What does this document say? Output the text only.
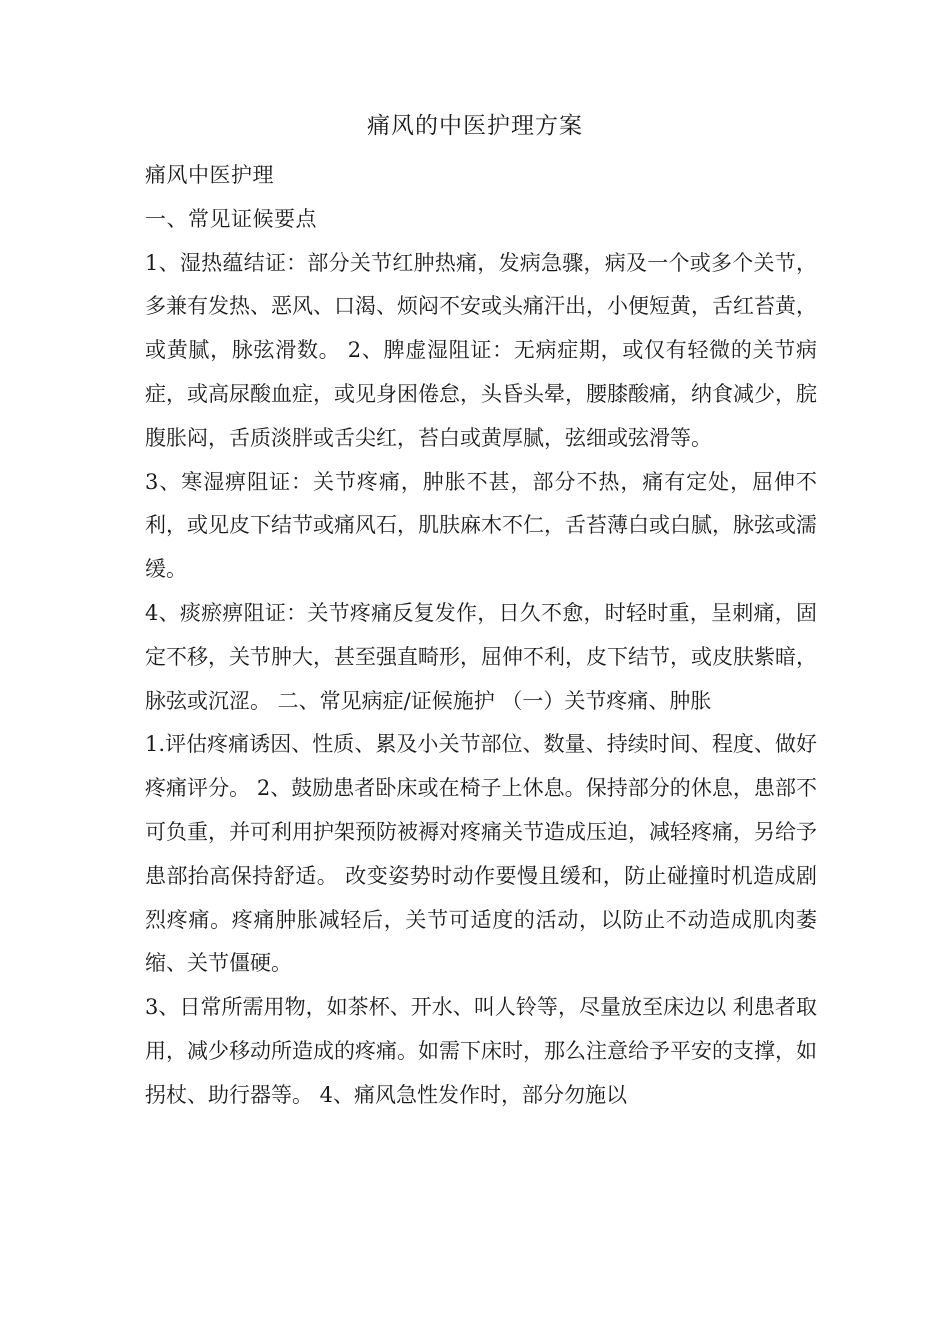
痛风的中医护理方案

痛风中医护理

一、常见证候要点

1、湿热蕴结证：部分关节红肿热痛，发病急骤，病及一个或多个关节，多兼有发热、恶风、口渴、烦闷不安或头痛汗出，小便短黄，舌红苔黄，或黄腻，脉弦滑数。 2、脾虚湿阻证：无病症期，或仅有轻微的关节病症，或高尿酸血症，或见身困倦怠，头昏头晕，腰膝酸痛，纳食减少，脘腹胀闷，舌质淡胖或舌尖红，苔白或黄厚腻，弦细或弦滑等。

3、寒湿痹阻证：关节疼痛，肿胀不甚，部分不热，痛有定处，屈伸不利，或见皮下结节或痛风石，肌肤麻木不仁，舌苔薄白或白腻，脉弦或濡缓。

4、痰瘀痹阻证：关节疼痛反复发作，日久不愈，时轻时重，呈刺痛，固定不移，关节肿大，甚至强直畸形，屈伸不利，皮下结节，或皮肤紫暗，脉弦或沉涩。 二、常见病症/证候施护 （一）关节疼痛、肿胀

1.评估疼痛诱因、性质、累及小关节部位、数量、持续时间、程度、做好疼痛评分。 2、鼓励患者卧床或在椅子上休息。保持部分的休息，患部不可负重，并可利用护架预防被褥对疼痛关节造成压迫，减轻疼痛，另给予患部抬高保持舒适。 改变姿势时动作要慢且缓和，防止碰撞时机造成剧烈疼痛。疼痛肿胀减轻后，关节可适度的活动，以防止不动造成肌肉萎缩、关节僵硬。

3、日常所需用物，如茶杯、开水、叫人铃等，尽量放至床边以 利患者取用，减少移动所造成的疼痛。如需下床时，那么注意给予平安的支撑，如拐杖、助行器等。 4、痛风急性发作时，部分勿施以
